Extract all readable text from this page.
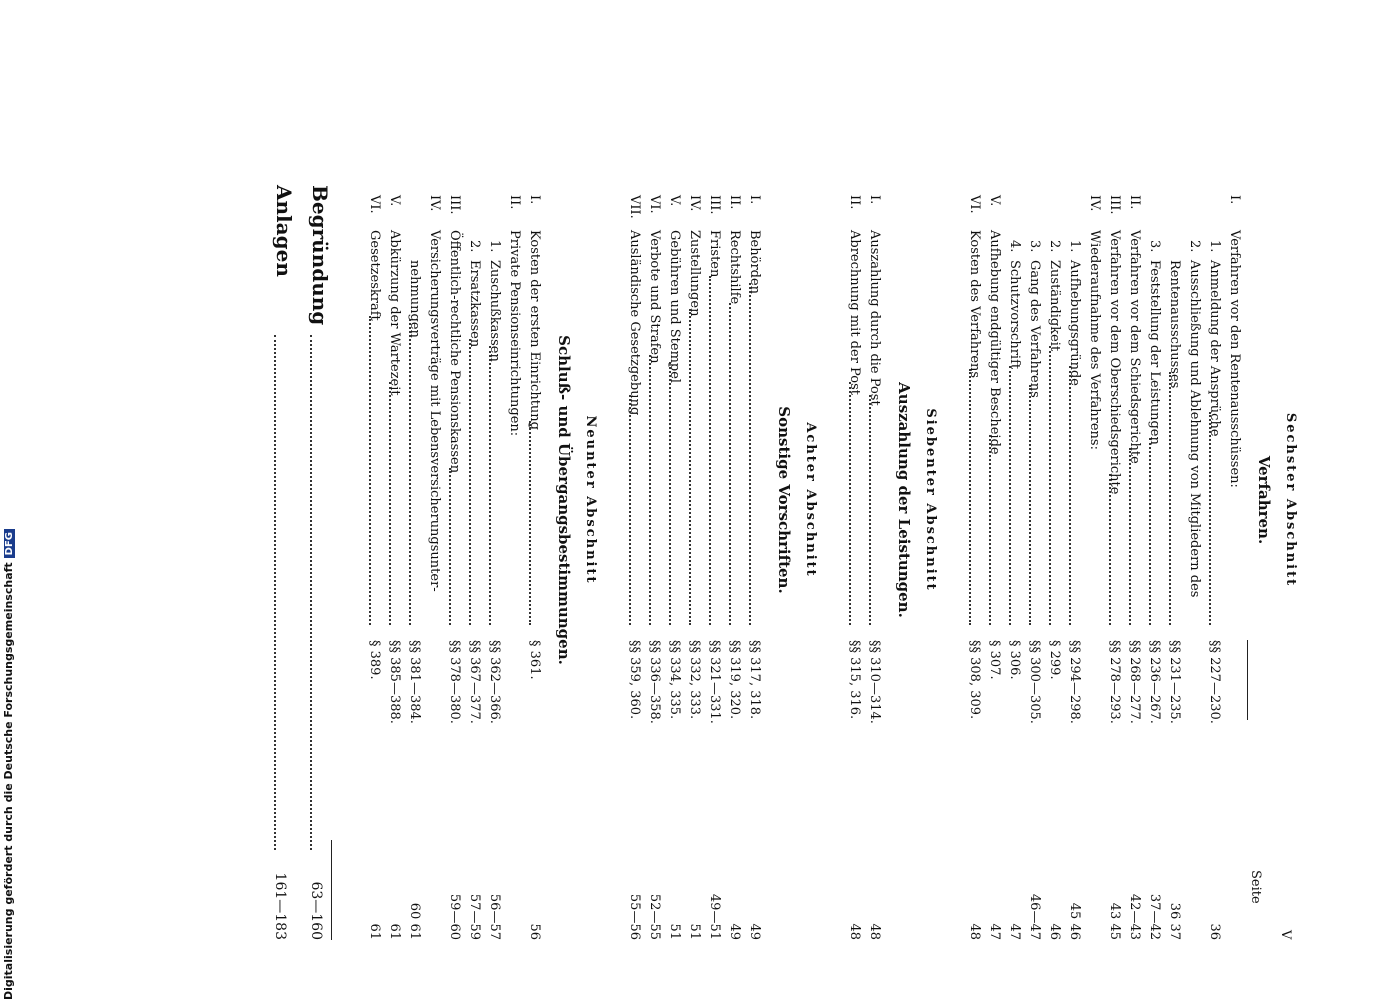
V
Seite
Sechster Abschnitt
Verfahren.
I.
Verfahren vor den Rentenausschüssen:
1.
Anmeldung der Ansprüche
§§ 227—230.
36
2.
Ausschließung und Ablehnung von Mitgliedern des
Rentenausschusses
§§ 231—235.
36 37
3.
Feststellung der Leistungen
§§ 236—267.
37—42
II.
Verfahren vor dem Schiedsgerichte
§§ 268—277.
42—43
III.
Verfahren vor dem Oberschiedsgerichte
§§ 278—293.
43 45
IV.
Wiederaufnahme des Verfahrens:
1.
Aufhebungsgründe
§§ 294—298.
45 46
2.
Zuständigkeit
§ 299.
46
3.
Gang des Verfahrens
§§ 300—305.
46—47
4.
Schutzvorschrift
§ 306.
47
V.
Aufhebung endgültiger Bescheide
§ 307.
47
VI.
Kosten des Verfahrens
§§ 308, 309.
48
Siebenter Abschnitt
Auszahlung der Leistungen.
I.
Auszahlung durch die Post
§§ 310—314.
48
II.
Abrechnung mit der Post
§§ 315, 316.
48
Achter Abschnitt
Sonstige Vorschriften.
I.
Behörden
§§ 317, 318.
49
II.
Rechtshilfe
§§ 319, 320.
49
III.
Fristen
§§ 321—331.
49—51
IV.
Zustellungen
§§ 332, 333.
51
V.
Gebühren und Stempel
§§ 334, 335.
51
VI.
Verbote und Strafen
§§ 336—358.
52—55
VII.
Ausländische Gesetzgebung
§§ 359, 360.
55—56
Neunter Abschnitt
Schluß- und Übergangsbestimmungen.
I.
Kosten der ersten Einrichtung
§ 361.
56
II.
Private Pensionseinrichtungen:
1.
Zuschußkassen
§§ 362—366.
56—57
2.
Ersatzkassen
§§ 367—377.
57—59
III.
Öffentlich-rechtliche Pensionskassen
§§ 378—380.
59—60
IV.
Versicherungsverträge mit Lebensversicherungsunter-
nehmungen
§§ 381—384.
60 61
V.
Abkürzung der Wartezeit
§§ 385—388.
61
VI.
Gesetzeskraft
§ 389.
61
Begründung
63—160
Anlagen
161—183
Digitalisierung gefördert durch die Deutsche ForschungsgemeinschaftDFG
